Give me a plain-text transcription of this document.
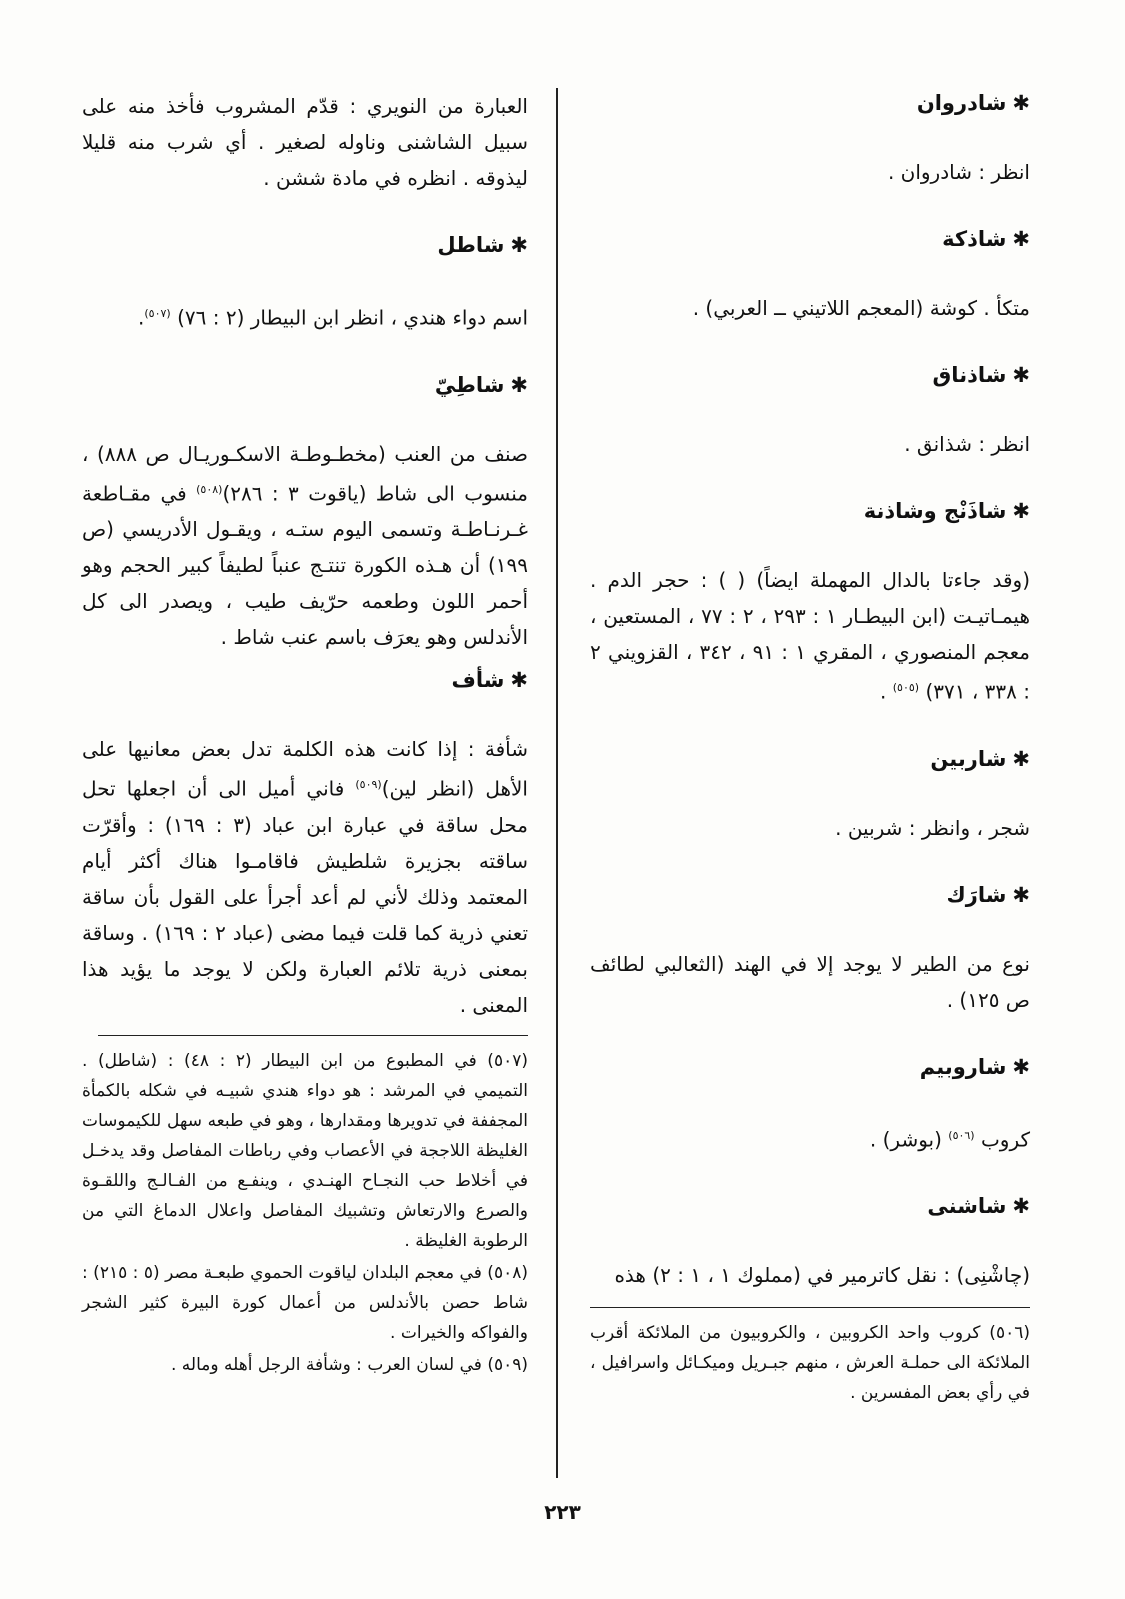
✱شادروان

انظر : شادروان .

✱شاذكة

متكأ . كوشة (المعجم اللاتيني ــ العربي) .

✱شاذناق

انظر : شذانق .

✱شاذَنْج وشاذنة

(وقد جاءتا بالدال المهملة ايضاً) ( ) : حجر الدم . هيمـاتيـت (ابن البيطـار ١ : ٢٩٣ ، ٢ : ٧٧ ، المستعين ، معجم المنصوري ، المقري ١ : ٩١ ، ٣٤٢ ، القزويني ٢ : ٣٣٨ ، ٣٧١) $^{(٥٠٥)}$ .

✱شاربين

شجر ، وانظر : شربين .

✱شارَك

نوع من الطير لا يوجد إلا في الهند (الثعالبي لطائف ص ١٢٥) .

✱شاروبيم

كروب $^{(٥٠٦)}$ (بوشر) .

✱شاشنى

(چاشْنِى) : نقل كاترمير في (مملوك ١ ، ١ : ٢) هذه

(٥٠٦) كروب واحد الكروبين ، والكروبيون من الملائكة أقرب الملائكة الى حملـة العرش ، منهم جبـريل وميكـائل واسرافيل ، في رأي بعض المفسرين .

العبارة من النويري : قدّم المشروب فأخذ منه على سبيل الشاشنى وناوله لصغير . أي شرب منه قليلا ليذوقه . انظره في مادة ششن .

✱شاطل

اسم دواء هندي ، انظر ابن البيطار (٢ : ٧٦) $^{(٥٠٧)}$.

✱شاطِيّ

صنف من العنب (مخطـوطـة الاسكـوريـال ص ٨٨٨) ، منسوب الى شاط (ياقوت ٣ : ٢٨٦)$^{(٥٠٨)}$ في مقـاطعة غـرنـاطـة وتسمى اليوم ستـه ، ويقـول الأدريسي (ص ١٩٩) أن هـذه الكورة تنتـج عنباً لطيفاً كبير الحجم وهو أحمر اللون وطعمه حرّيف طيب ، ويصدر الى كل الأندلس وهو يعرَف باسم عنب شاط .

✱شأف

شأفة : إذا كانت هذه الكلمة تدل بعض معانيها على الأهل (انظر لين)$^{(٥٠٩)}$ فاني أميل الى أن اجعلها تحل محل ساقة في عبارة ابن عباد (٣ : ١٦٩) : وأقرّت ساقته بجزيرة شلطيش فاقامـوا هناك أكثر أيام المعتمد وذلك لأني لم أعد أجرأ على القول بأن ساقة تعني ذرية كما قلت فيما مضى (عباد ٢ : ١٦٩) . وساقة بمعنى ذرية تلائم العبارة ولكن لا يوجد ما يؤيد هذا المعنى .

(٥٠٧) في المطبوع من ابن البيطار (٢ : ٤٨) : (شاطل) . التميمي في المرشد : هو دواء هندي شبيـه في شكله بالكمأة المجففة في تدويرها ومقدارها ، وهو في طبعه سهل للكيموسات الغليظة اللاججة في الأعصاب وفي رباطات المفاصل وقد يدخـل في أخلاط حب النجـاح الهنـدي ، وينفـع من الفـالـج واللقـوة والصرع والارتعاش وتشبيك المفاصل واعلال الدماغ التي من الرطوبة الغليظة .

(٥٠٨) في معجم البلدان لياقوت الحموي طبعـة مصر (٥ : ٢١٥) : شاط حصن بالأندلس من أعمال كورة البيرة كثير الشجر والفواكه والخيرات .

(٥٠٩) في لسان العرب : وشأفة الرجل أهله وماله .

٢٢٣
